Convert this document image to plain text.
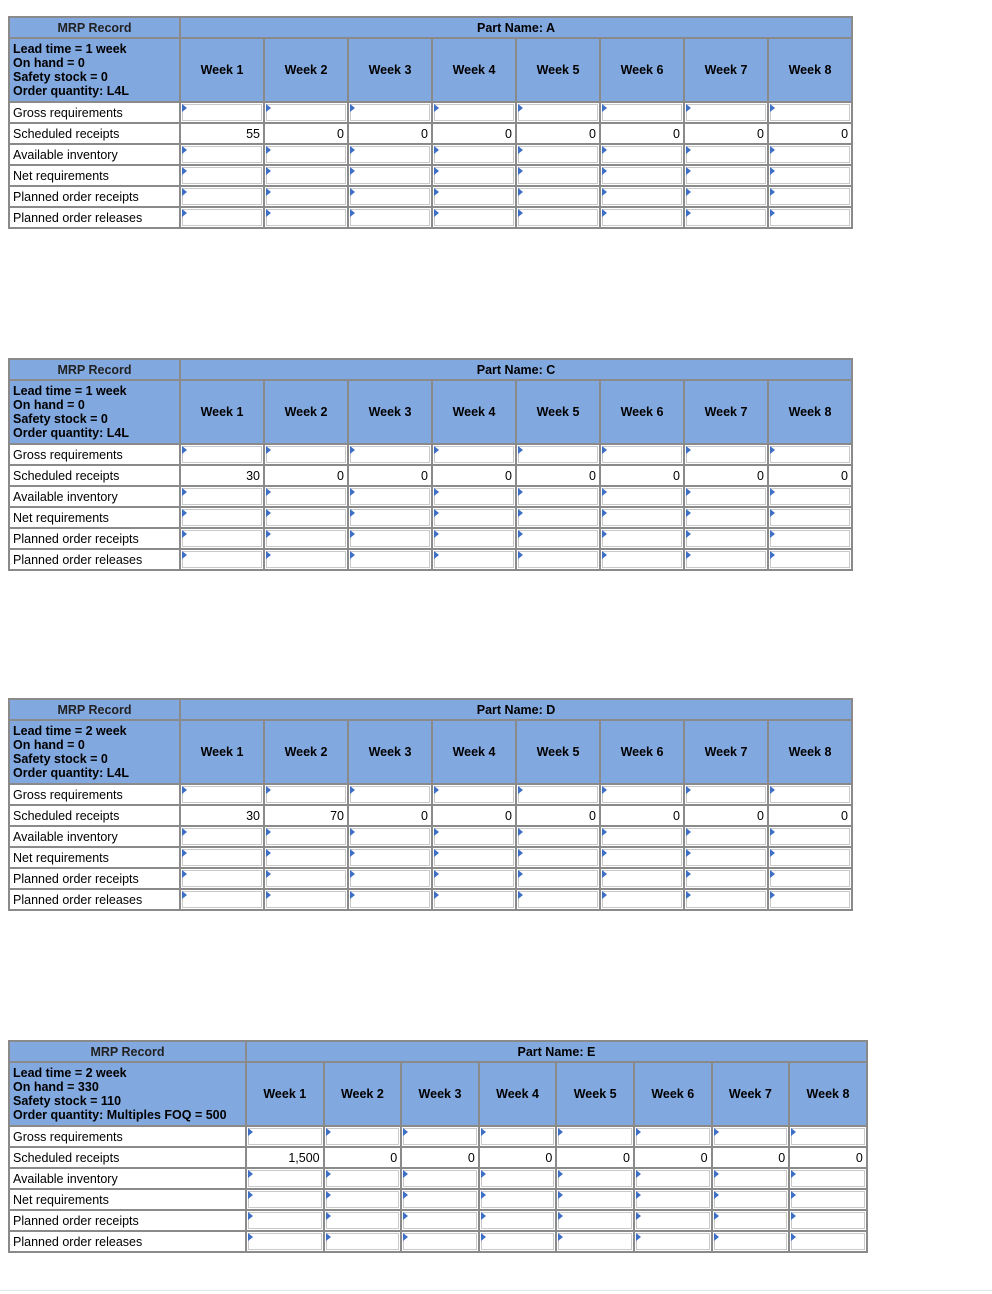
MRP Record	Part Name: A							

Lead time = 1 week
On hand = 0
Safety stock = 0
Order quantity: L4L	Week 1	Week 2	Week 3	Week 4	Week 5	Week 6	Week 7	Week 8
Gross requirements	

Scheduled receipts	55	0	0	0	0	0	0	0
Available inventory	

Net requirements	

Planned order receipts	

Planned order releases	

MRP Record	Part Name: C							

Lead time = 1 week
On hand = 0
Safety stock = 0
Order quantity: L4L	Week 1	Week 2	Week 3	Week 4	Week 5	Week 6	Week 7	Week 8
Gross requirements	

Scheduled receipts	30	0	0	0	0	0	0	0
Available inventory	

Net requirements	

Planned order receipts	

Planned order releases	

MRP Record	Part Name: D							

Lead time = 2 week
On hand = 0
Safety stock = 0
Order quantity: L4L	Week 1	Week 2	Week 3	Week 4	Week 5	Week 6	Week 7	Week 8
Gross requirements	

Scheduled receipts	30	70	0	0	0	0	0	0
Available inventory	

Net requirements	

Planned order receipts	

Planned order releases	

MRP Record	Part Name: E							

Lead time = 2 week
On hand = 330
Safety stock = 110
Order quantity: Multiples FOQ = 500	Week 1	Week 2	Week 3	Week 4	Week 5	Week 6	Week 7	Week 8
Gross requirements	

Scheduled receipts	1,500	0	0	0	0	0	0	0
Available inventory	

Net requirements	

Planned order receipts	

Planned order releases	
